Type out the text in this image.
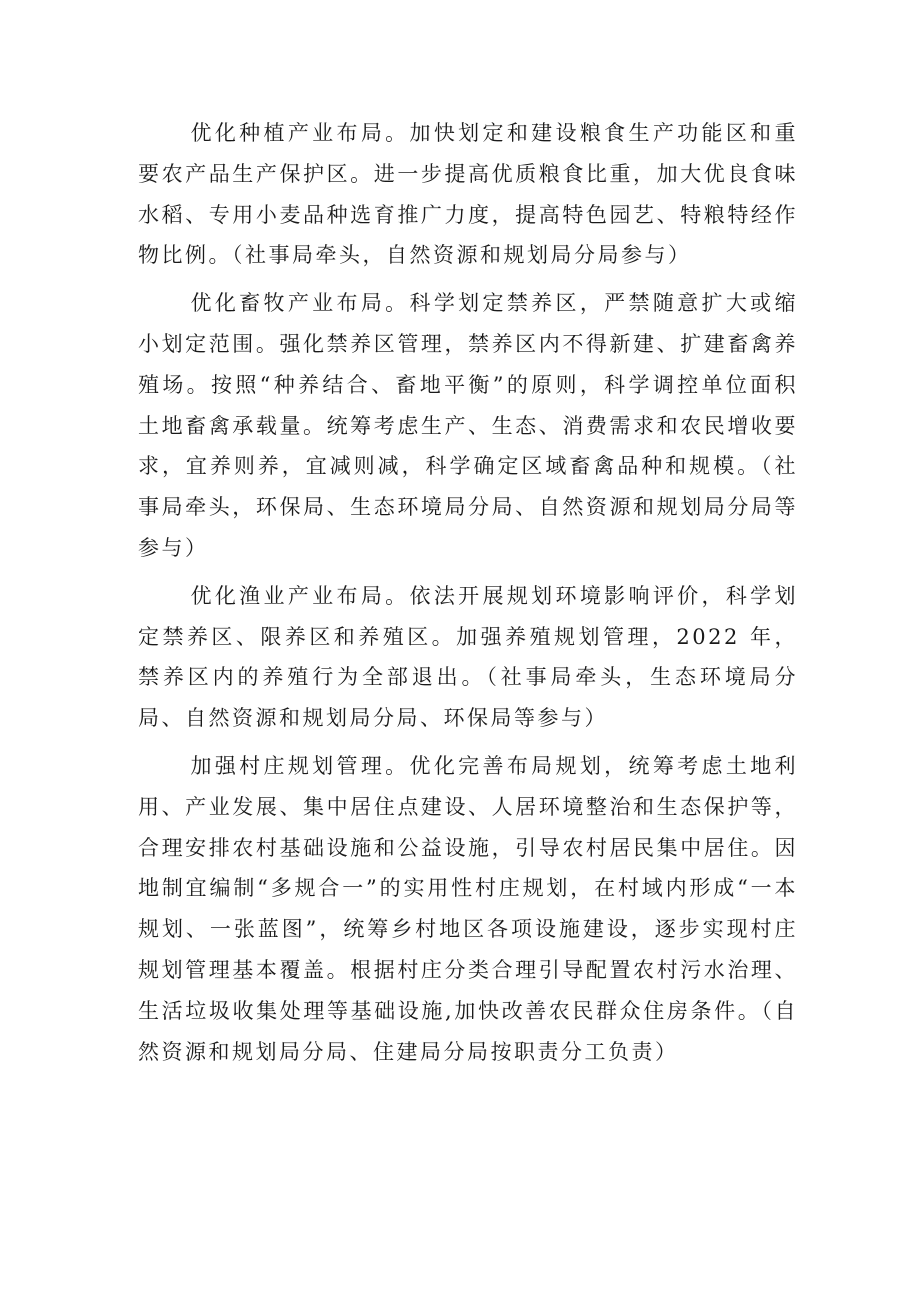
优化种植产业布局。加快划定和建设粮食生产功能区和重要农产品生产保护区。进一步提高优质粮食比重，加大优良食味水稻、专用小麦品种选育推广力度，提高特色园艺、特粮特经作物比例。（社事局牵头，自然资源和规划局分局参与）

优化畜牧产业布局。科学划定禁养区，严禁随意扩大或缩小划定范围。强化禁养区管理，禁养区内不得新建、扩建畜禽养殖场。按照“种养结合、畜地平衡”的原则，科学调控单位面积土地畜禽承载量。统筹考虑生产、生态、消费需求和农民增收要求，宜养则养，宜减则减，科学确定区域畜禽品种和规模。（社事局牵头，环保局、生态环境局分局、自然资源和规划局分局等参与）

优化渔业产业布局。依法开展规划环境影响评价，科学划定禁养区、限养区和养殖区。加强养殖规划管理，2022 年，禁养区内的养殖行为全部退出。（社事局牵头，生态环境局分局、自然资源和规划局分局、环保局等参与）

加强村庄规划管理。优化完善布局规划，统筹考虑土地利用、产业发展、集中居住点建设、人居环境整治和生态保护等，合理安排农村基础设施和公益设施，引导农村居民集中居住。因地制宜编制“多规合一”的实用性村庄规划，在村域内形成“一本规划、一张蓝图”，统筹乡村地区各项设施建设，逐步实现村庄规划管理基本覆盖。根据村庄分类合理引导配置农村污水治理、生活垃圾收集处理等基础设施,加快改善农民群众住房条件。（自然资源和规划局分局、住建局分局按职责分工负责）
